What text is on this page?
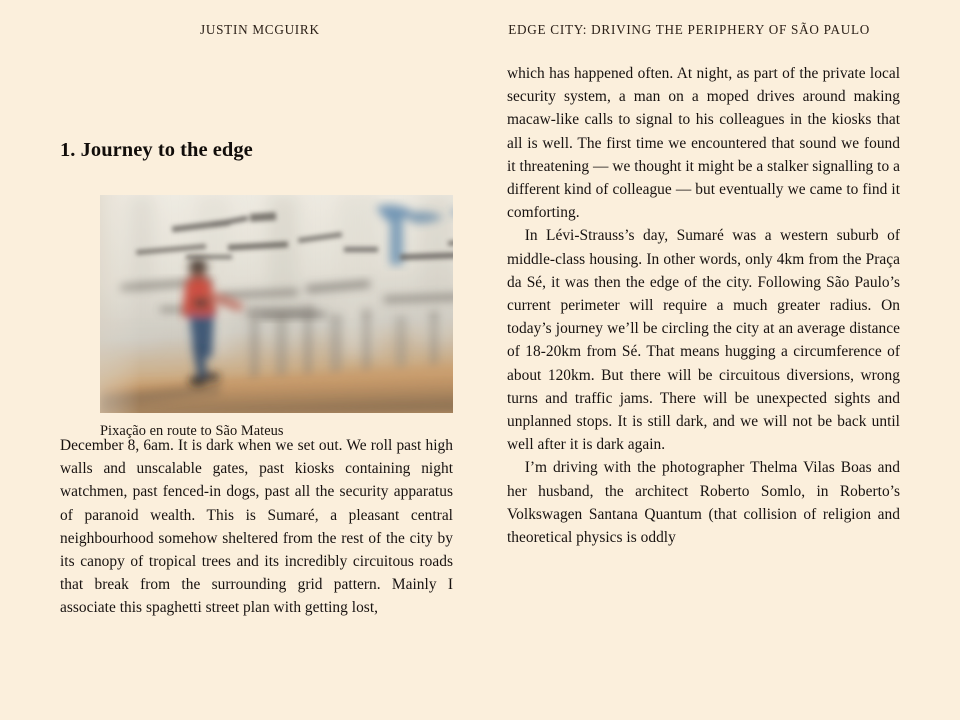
JUSTIN MCGUIRK	EDGE CITY: DRIVING THE PERIPHERY OF SÃO PAULO
1. Journey to the edge
Pixação en route to São Mateus

December 8, 6am. It is dark when we set out. We roll past high walls and unscalable gates, past kiosks containing night watchmen, past fenced-in dogs, past all the security apparatus of paranoid wealth. This is Sumaré, a pleasant central neighbourhood somehow sheltered from the rest of the city by its canopy of tropical trees and its incredibly circuitous roads that break from the surrounding grid pattern. Mainly I associate this spaghetti street plan with getting lost,

which has happened often. At night, as part of the private local security system, a man on a moped drives around making macaw-like calls to signal to his colleagues in the kiosks that all is well. The first time we encountered that sound we found it threatening — we thought it might be a stalker signalling to a different kind of colleague — but eventually we came to find it comforting.

In Lévi-Strauss’s day, Sumaré was a western suburb of middle-class housing. In other words, only 4km from the Praça da Sé, it was then the edge of the city. Following São Paulo’s current perimeter will require a much greater radius. On today’s journey we’ll be circling the city at an average distance of 18-20km from Sé. That means hugging a circumference of about 120km. But there will be circuitous diversions, wrong turns and traffic jams. There will be unexpected sights and unplanned stops. It is still dark, and we will not be back until well after it is dark again.

I’m driving with the photographer Thelma Vilas Boas and her husband, the architect Roberto Somlo, in Roberto’s Volkswagen Santana Quantum (that collision of religion and theoretical physics is oddly
